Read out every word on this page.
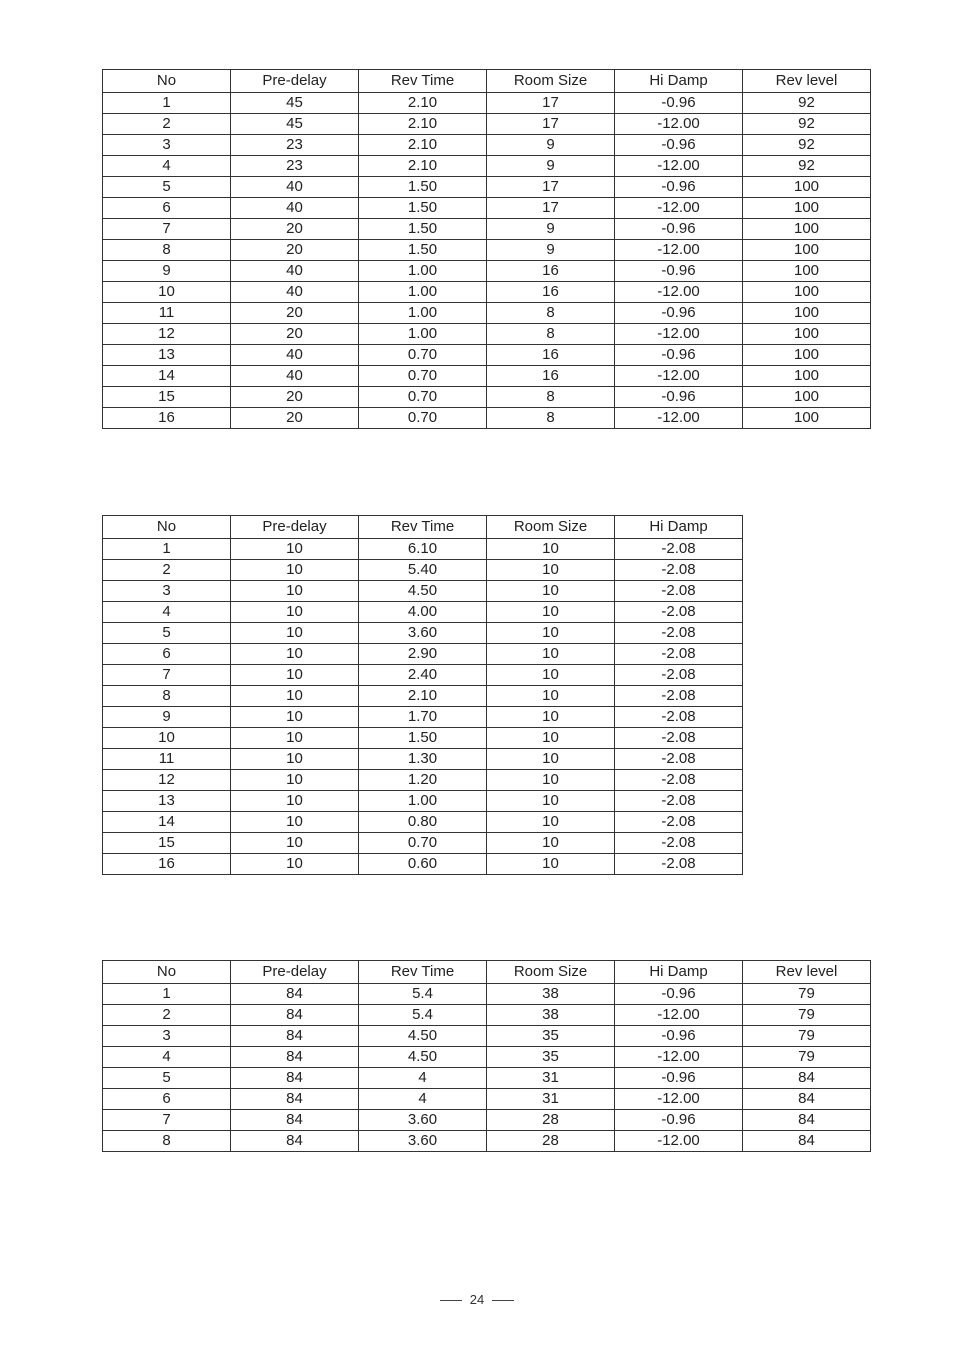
No	Pre-delay	Rev Time	Room Size	Hi Damp	Rev level
1	45	2.10	17	-0.96	92
2	45	2.10	17	-12.00	92
3	23	2.10	9	-0.96	92
4	23	2.10	9	-12.00	92
5	40	1.50	17	-0.96	100
6	40	1.50	17	-12.00	100
7	20	1.50	9	-0.96	100
8	20	1.50	9	-12.00	100
9	40	1.00	16	-0.96	100
10	40	1.00	16	-12.00	100
11	20	1.00	8	-0.96	100
12	20	1.00	8	-12.00	100
13	40	0.70	16	-0.96	100
14	40	0.70	16	-12.00	100
15	20	0.70	8	-0.96	100
16	20	0.70	8	-12.00	100
No	Pre-delay	Rev Time	Room Size	Hi Damp
1	10	6.10	10	-2.08
2	10	5.40	10	-2.08
3	10	4.50	10	-2.08
4	10	4.00	10	-2.08
5	10	3.60	10	-2.08
6	10	2.90	10	-2.08
7	10	2.40	10	-2.08
8	10	2.10	10	-2.08
9	10	1.70	10	-2.08
10	10	1.50	10	-2.08
11	10	1.30	10	-2.08
12	10	1.20	10	-2.08
13	10	1.00	10	-2.08
14	10	0.80	10	-2.08
15	10	0.70	10	-2.08
16	10	0.60	10	-2.08
No	Pre-delay	Rev Time	Room Size	Hi Damp	Rev level
1	84	5.4	38	-0.96	79
2	84	5.4	38	-12.00	79
3	84	4.50	35	-0.96	79
4	84	4.50	35	-12.00	79
5	84	4	31	-0.96	84
6	84	4	31	-12.00	84
7	84	3.60	28	-0.96	84
8	84	3.60	28	-12.00	84
24
